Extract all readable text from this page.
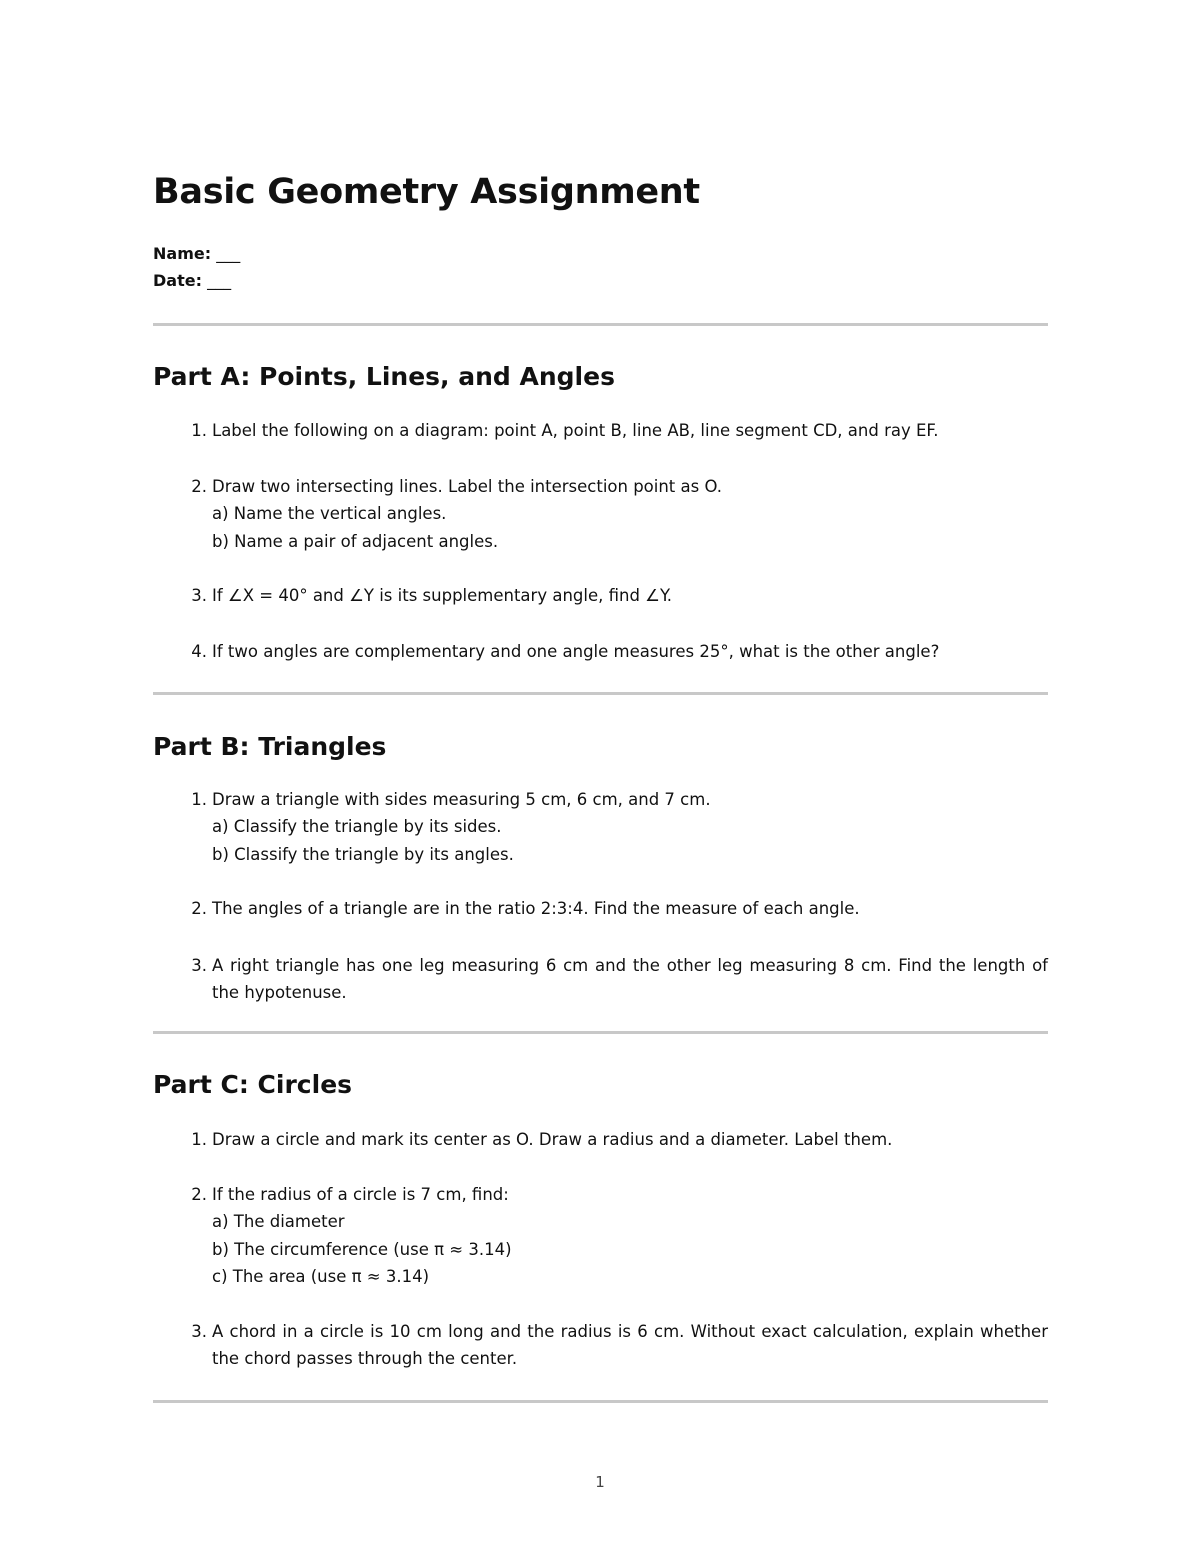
Basic Geometry Assignment
Name: ___
Date: ___
Part A: Points, Lines, and Angles
1. Label the following on a diagram: point A, point B, line AB, line segment CD, and ray EF.
2. Draw two intersecting lines. Label the intersection point as O.
a) Name the vertical angles.
b) Name a pair of adjacent angles.
3. If ∠X = 40° and ∠Y is its supplementary angle, find ∠Y.
4. If two angles are complementary and one angle measures 25°, what is the other angle?
Part B: Triangles
1. Draw a triangle with sides measuring 5 cm, 6 cm, and 7 cm.
a) Classify the triangle by its sides.
b) Classify the triangle by its angles.
2. The angles of a triangle are in the ratio 2:3:4. Find the measure of each angle.
3. A right triangle has one leg measuring 6 cm and the other leg measuring 8 cm. Find the length of the hypotenuse.
Part C: Circles
1. Draw a circle and mark its center as O. Draw a radius and a diameter. Label them.
2. If the radius of a circle is 7 cm, find:
a) The diameter
b) The circumference (use π ≈ 3.14)
c) The area (use π ≈ 3.14)
3. A chord in a circle is 10 cm long and the radius is 6 cm. Without exact calculation, explain whether the chord passes through the center.
1
